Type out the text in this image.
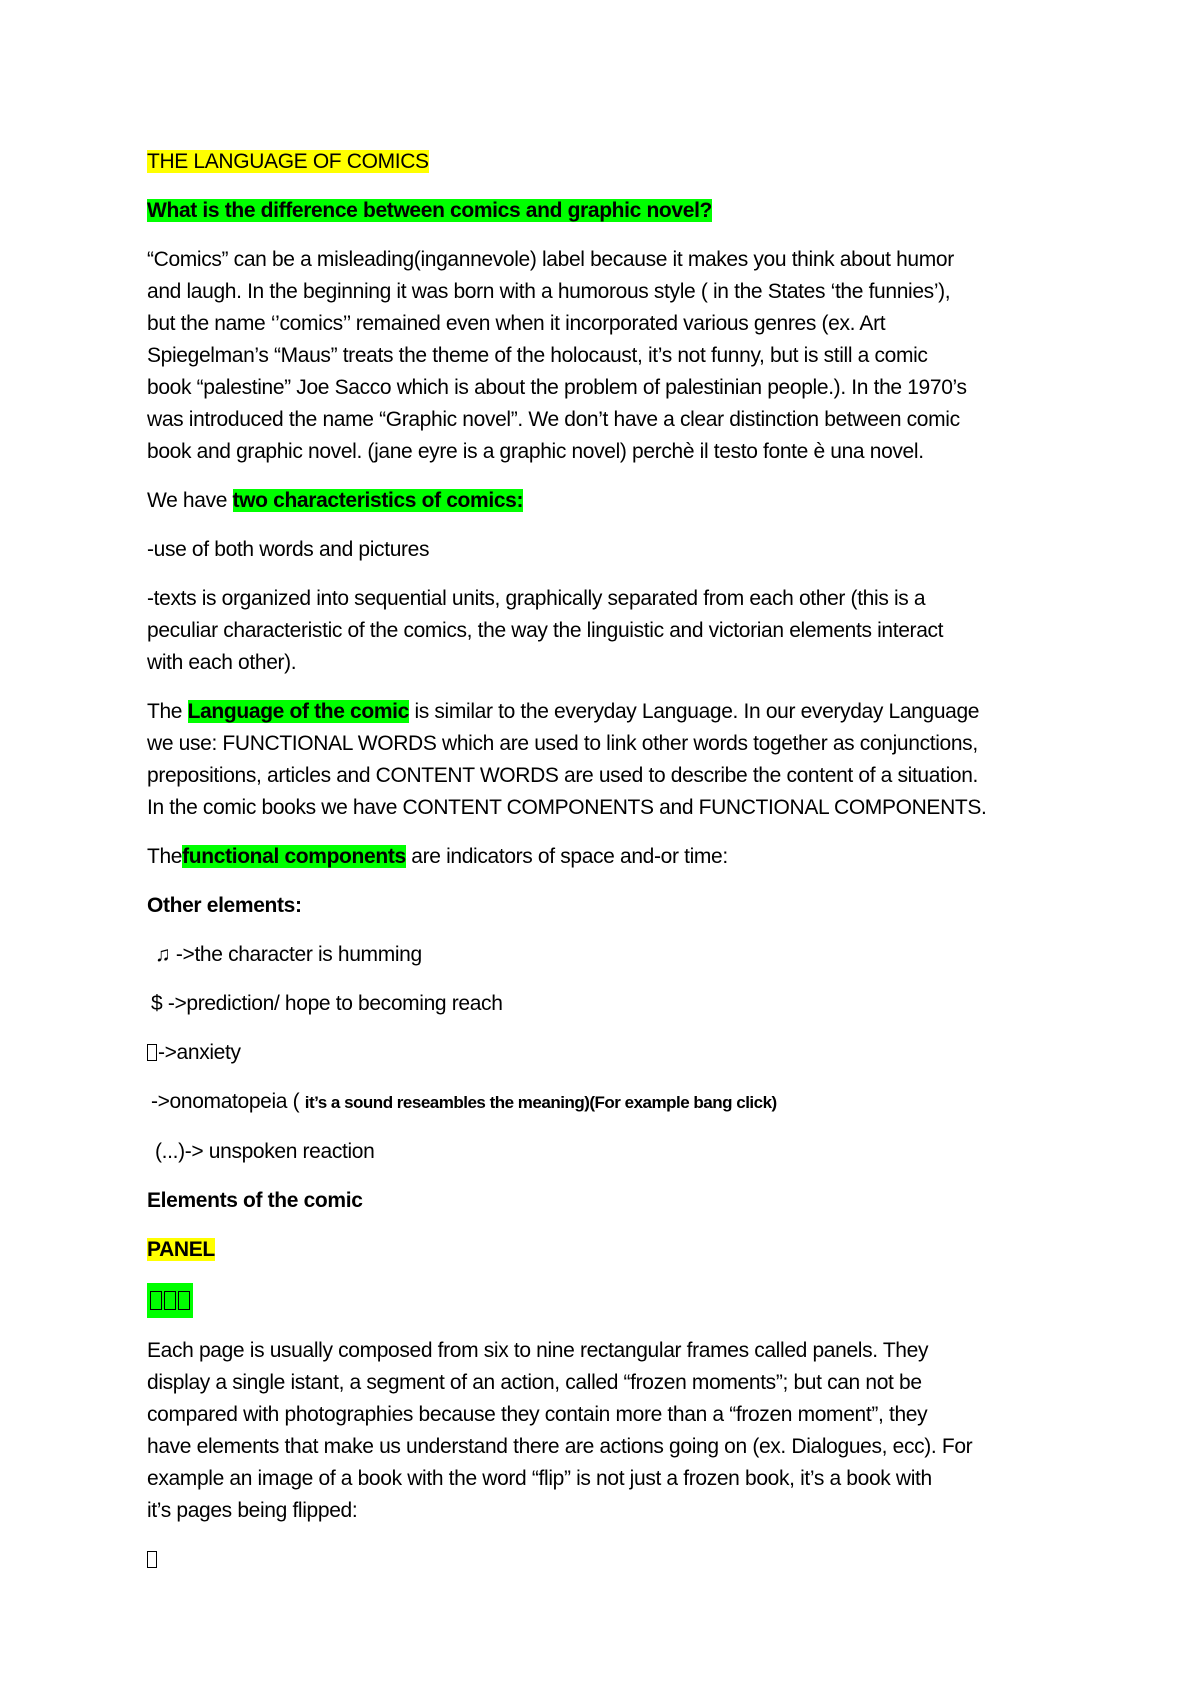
THE LANGUAGE OF COMICS

What is the difference between comics and graphic novel?

“Comics” can be a misleading(ingannevole) label because it makes you think about humor
and laugh. In the beginning it was born with a humorous style ( in the States ‘the funnies’),
but the name ‘’comics’’ remained even when it incorporated various genres (ex. Art
Spiegelman’s “Maus” treats the theme of the holocaust, it’s not funny, but is still a comic
book “palestine” Joe Sacco which is about the problem of palestinian people.). In the 1970’s
was introduced the name “Graphic novel”. We don’t have a clear distinction between comic
book and graphic novel. (jane eyre is a graphic novel) perchè il testo fonte è una novel.

We have two characteristics of comics:

-use of both words and pictures

-texts is organized into sequential units, graphically separated from each other (this is a
peculiar characteristic of the comics, the way the linguistic and victorian elements interact
with each other).

The Language of the comic is similar to the everyday Language. In our everyday Language
we use: FUNCTIONAL WORDS which are used to link other words together as conjunctions,
prepositions, articles and CONTENT WORDS are used to describe the content of a situation.
In the comic books we have CONTENT COMPONENTS and FUNCTIONAL COMPONENTS.

Thefunctional components are indicators of space and-or time:

Other elements:

♫ ->the character is humming

$ ->prediction/ hope to becoming reach

->anxiety

->onomatopeia ( it’s a sound reseambles the meaning)(For example bang click)

(...)-> unspoken reaction

Elements of the comic

PANEL

Each page is usually composed from six to nine rectangular frames called panels. They
display a single istant, a segment of an action, called “frozen moments”; but can not be
compared with photographies because they contain more than a “frozen moment”, they
have elements that make us understand there are actions going on (ex. Dialogues, ecc). For
example an image of a book with the word “flip” is not just a frozen book, it’s a book with
it’s pages being flipped:
